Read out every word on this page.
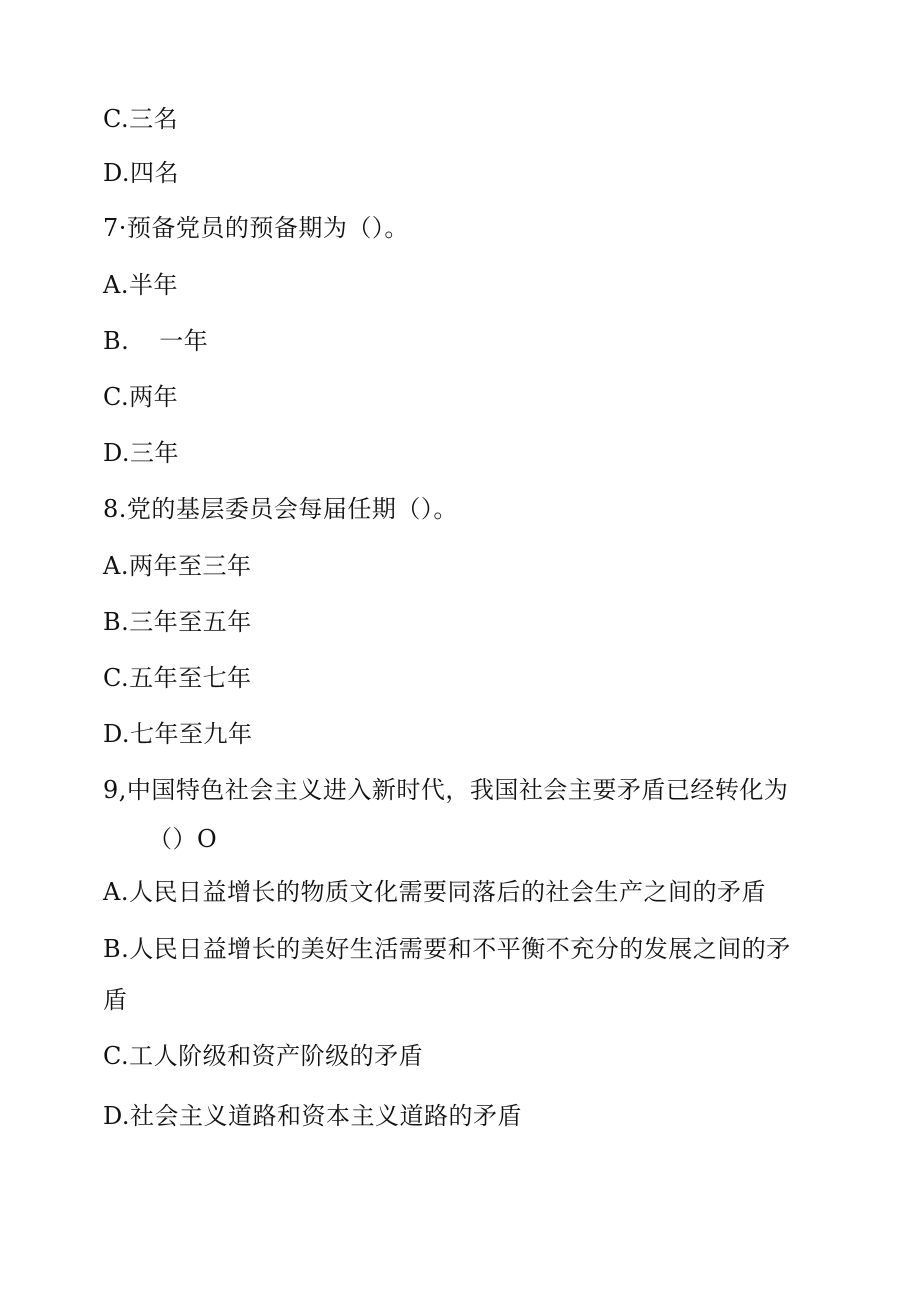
C.三名
D.四名
7·预备党员的预备期为（）。
A.半年
B. 一年
C.两年
D.三年
8.党的基层委员会每届任期（）。
A.两年至三年
B.三年至五年
C.五年至七年
D.七年至九年
9,中国特色社会主义进入新时代，我国社会主要矛盾已经转化为
（）O
A.人民日益增长的物质文化需要同落后的社会生产之间的矛盾
B.人民日益增长的美好生活需要和不平衡不充分的发展之间的矛
盾
C.工人阶级和资产阶级的矛盾
D.社会主义道路和资本主义道路的矛盾
